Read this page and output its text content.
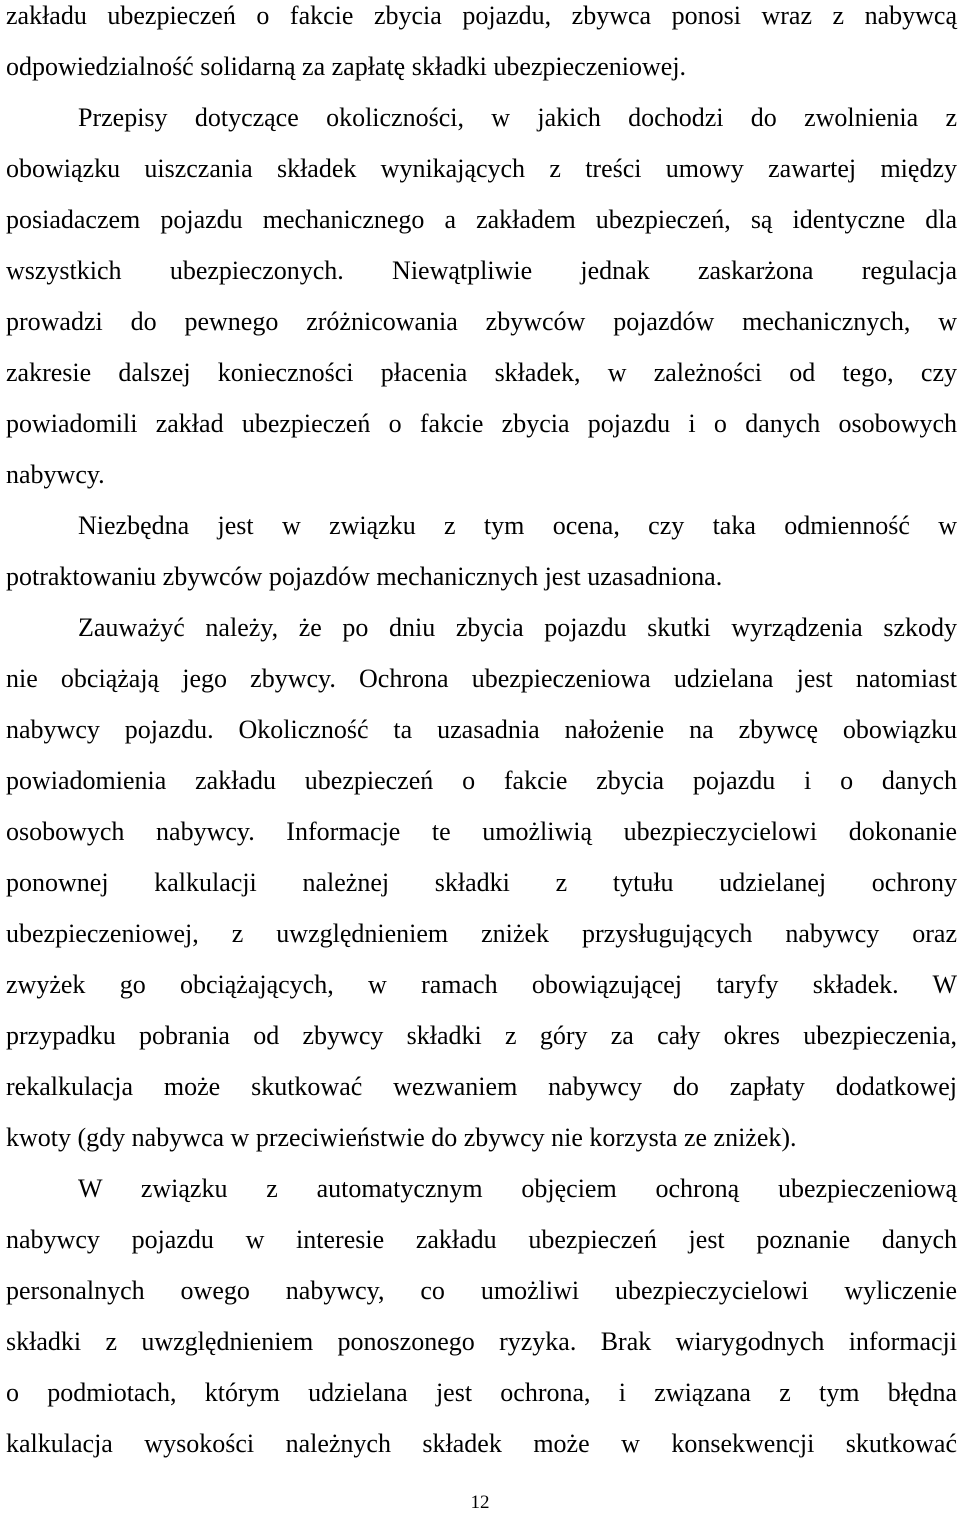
zakładu ubezpieczeń o fakcie zbycia pojazdu, zbywca ponosi wraz z nabywcą
odpowiedzialność solidarną za zapłatę składki ubezpieczeniowej.
Przepisy dotyczące okoliczności, w jakich dochodzi do zwolnienia z
obowiązku uiszczania składek wynikających z treści umowy zawartej między
posiadaczem pojazdu mechanicznego a zakładem ubezpieczeń, są identyczne dla
wszystkich ubezpieczonych. Niewątpliwie jednak zaskarżona regulacja
prowadzi do pewnego zróżnicowania zbywców pojazdów mechanicznych, w
zakresie dalszej konieczności płacenia składek, w zależności od tego, czy
powiadomili zakład ubezpieczeń o fakcie zbycia pojazdu i o danych osobowych
nabywcy.
Niezbędna jest w związku z tym ocena, czy taka odmienność w
potraktowaniu zbywców pojazdów mechanicznych jest uzasadniona.
Zauważyć należy, że po dniu zbycia pojazdu skutki wyrządzenia szkody
nie obciążają jego zbywcy. Ochrona ubezpieczeniowa udzielana jest natomiast
nabywcy pojazdu. Okoliczność ta uzasadnia nałożenie na zbywcę obowiązku
powiadomienia zakładu ubezpieczeń o fakcie zbycia pojazdu i o danych
osobowych nabywcy. Informacje te umożliwią ubezpieczycielowi dokonanie
ponownej kalkulacji należnej składki z tytułu udzielanej ochrony
ubezpieczeniowej, z uwzględnieniem zniżek przysługujących nabywcy oraz
zwyżek go obciążających, w ramach obowiązującej taryfy składek. W
przypadku pobrania od zbywcy składki z góry za cały okres ubezpieczenia,
rekalkulacja może skutkować wezwaniem nabywcy do zapłaty dodatkowej
kwoty (gdy nabywca w przeciwieństwie do zbywcy nie korzysta ze zniżek).
W związku z automatycznym objęciem ochroną ubezpieczeniową
nabywcy pojazdu w interesie zakładu ubezpieczeń jest poznanie danych
personalnych owego nabywcy, co umożliwi ubezpieczycielowi wyliczenie
składki z uwzględnieniem ponoszonego ryzyka. Brak wiarygodnych informacji
o podmiotach, którym udzielana jest ochrona, i związana z tym błędna
kalkulacja wysokości należnych składek może w konsekwencji skutkować
12
